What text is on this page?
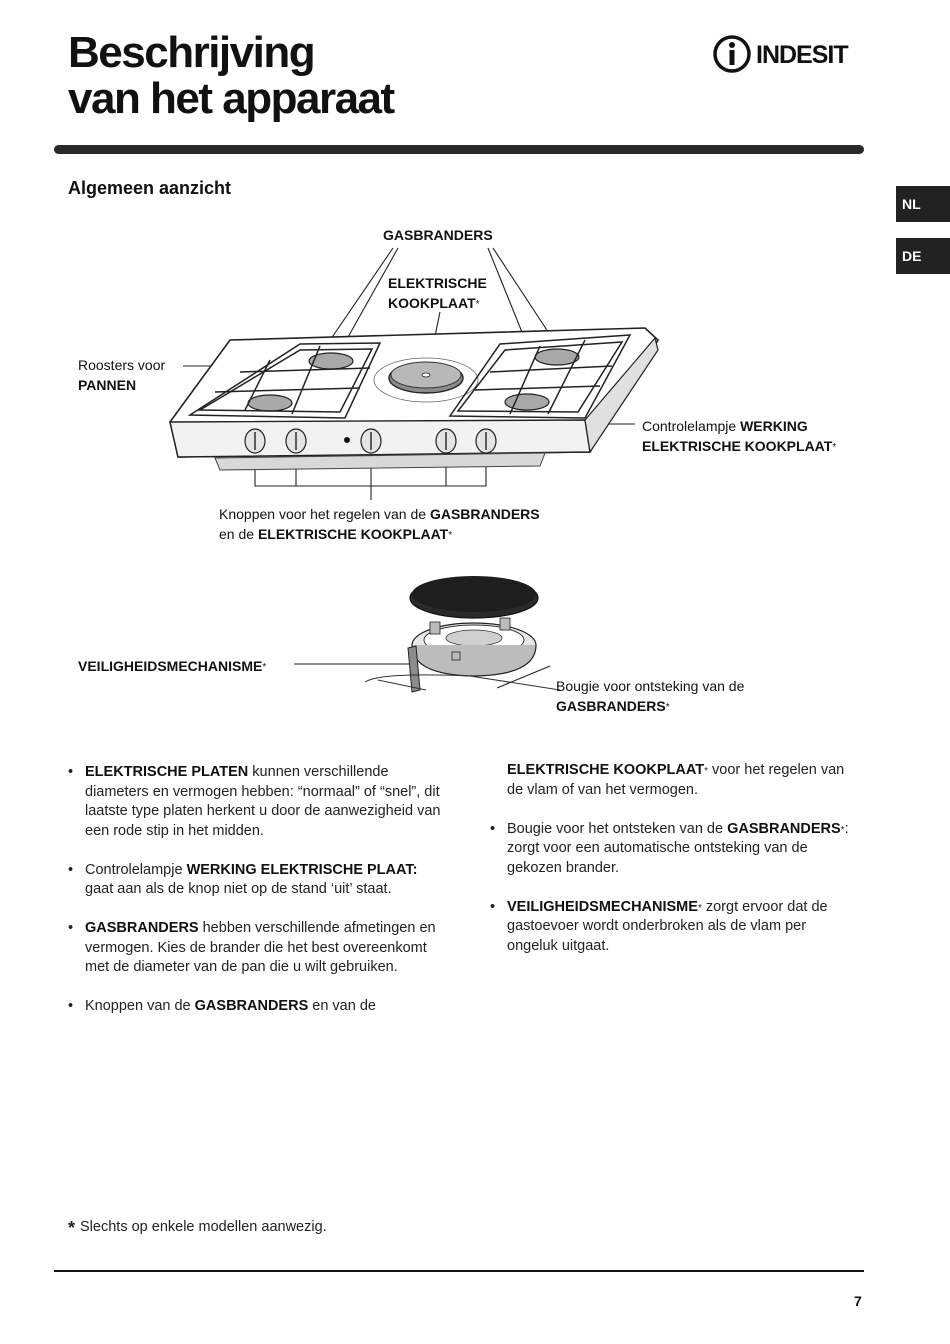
Beschrijving
van het apparaat
INDESIT
NL
DE
Algemeen aanzicht
GASBRANDERS
ELEKTRISCHE
KOOKPLAAT*
Roosters voor
PANNEN
Controlelampje WERKING
ELEKTRISCHE KOOKPLAAT*
Knoppen voor het regelen van de GASBRANDERS
en de ELEKTRISCHE KOOKPLAAT*
VEILIGHEIDSMECHANISME*
Bougie voor ontsteking van de
GASBRANDERS*

• ELEKTRISCHE PLATEN kunnen verschillende diameters en vermogen hebben: “normaal” of “snel”, dit laatste type platen herkent u door de aanwezigheid van een rode stip in het midden.

• Controlelampje WERKING ELEKTRISCHE PLAAT: gaat aan als de knop niet op de stand ‘uit’ staat.

• GASBRANDERS hebben verschillende afmetingen en vermogen. Kies de brander die het best overeenkomt met de diameter van de pan die u wilt gebruiken.

• Knoppen van de GASBRANDERS en van de

ELEKTRISCHE KOOKPLAAT* voor het regelen van de vlam of van het vermogen.

• Bougie voor het ontsteken van de GASBRANDERS*: zorgt voor een automatische ontsteking van de gekozen brander.

• VEILIGHEIDSMECHANISME* zorgt ervoor dat de gastoevoer wordt onderbroken als de vlam per ongeluk uitgaat.

* Slechts op enkele modellen aanwezig.
7
